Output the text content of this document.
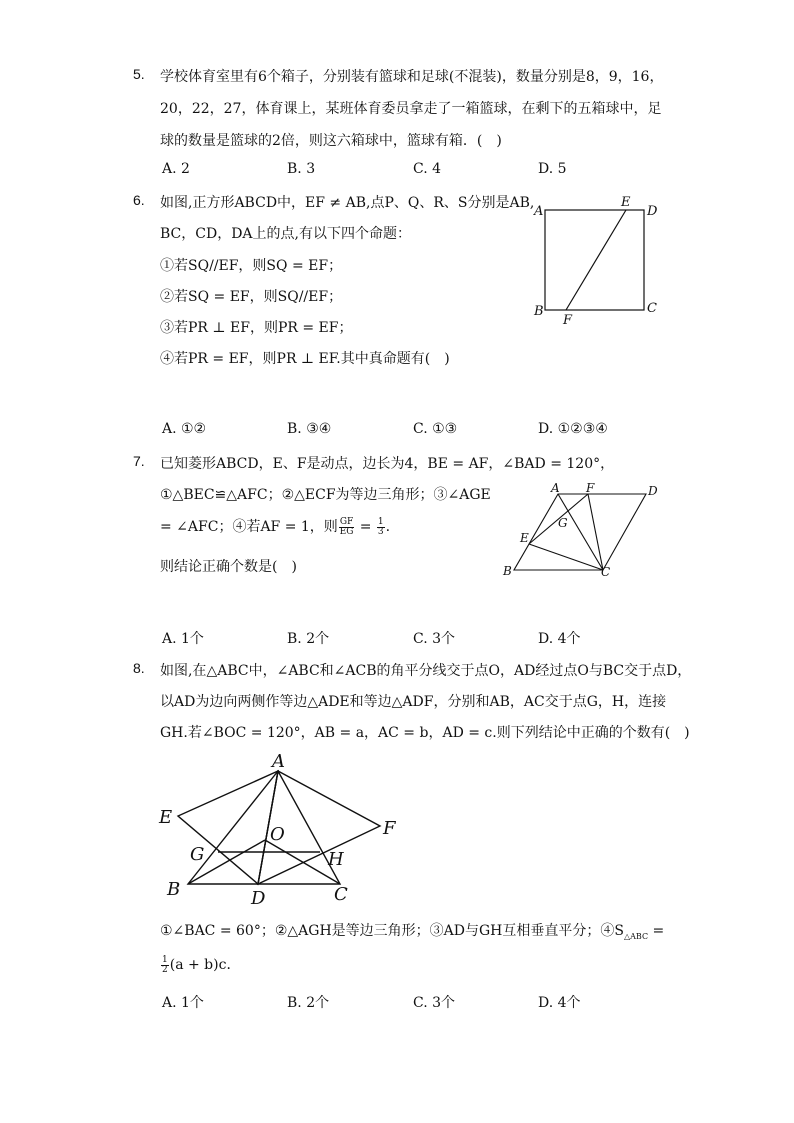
5. 学校体育室里有6个箱子，分别装有篮球和足球(不混装)，数量分别是8，9，16，
20，22，27，体育课上，某班体育委员拿走了一箱篮球，在剩下的五箱球中，足
球的数量是篮球的2倍，则这六箱球中，篮球有箱．(　)
A. 2	B. 3	C. 4	D. 5
6. 如图,正方形ABCD中，EF ≠ AB,点P、Q、R、S分别是AB,
BC，CD，DA上的点,有以下四个命题：
①若SQ//EF，则SQ = EF；
②若SQ = EF，则SQ//EF；
③若PR ⊥ EF，则PR = EF；
④若PR = EF，则PR ⊥ EF.其中真命题有(　)
A
E
D
B
F
C
A. ①②	B. ③④	C. ①③	D. ①②③④
7. 已知菱形ABCD，E、F是动点，边长为4，BE = AF，∠BAD = 120°，
①△BEC≌△AFC；②△ECF为等边三角形；③∠AGE
= ∠AFC；④若AF = 1，则 $\frac{GF}{EG} = \frac{1}{3}$ .
则结论正确个数是(　)
A F	D
G
E
B	C
A. 1个	B. 2个	C. 3个	D. 4个
8. 如图,在△ABC中，∠ABC和∠ACB的角平分线交于点O，AD经过点O与BC交于点D，
以AD为边向两侧作等边△ADE和等边△ADF，分别和AB，AC交于点G，H，连接
GH.若∠BOC = 120°，AB = a，AC = b，AD = c.则下列结论中正确的个数有(　)
A
E
O	F
G	H
B	D	C
①∠BAC = 60°；②△AGH是等边三角形；③AD与GH互相垂直平分；$④S_{\triangle ABC}$ =
$\frac{1}{2} (a + b)c$．
A. 1个	B. 2个	C. 3个	D. 4个
